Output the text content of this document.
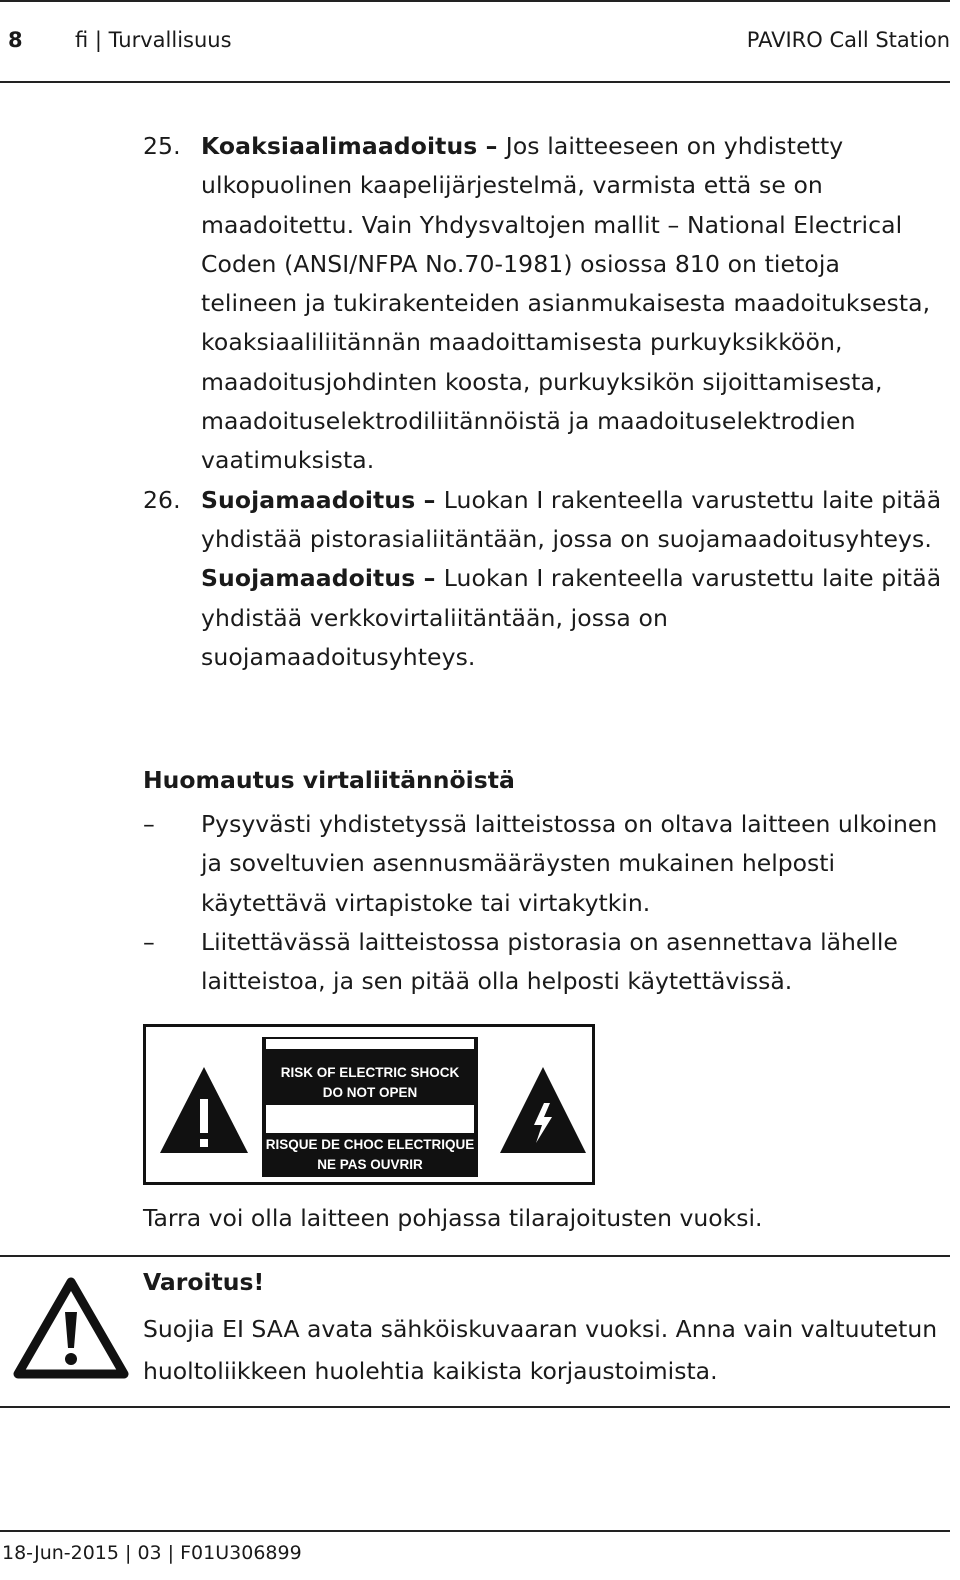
8 fi | Turvallisuus	PAVIRO Call Station
25. Koaksiaalimaadoitus – Jos laitteeseen on yhdistetty ulkopuolinen kaapelijärjestelmä, varmista että se on maadoitettu. Vain Yhdysvaltojen mallit – National Electrical Coden (ANSI/NFPA No.70-1981) osiossa 810 on tietoja telineen ja tukirakenteiden asianmukaisesta maadoituksesta, koaksiaaliliitännän maadoittamisesta purkuyksikköön, maadoitusjohdinten koosta, purkuyksikön sijoittamisesta, maadoituselektrodiliitännöistä ja maadoituselektrodien vaatimuksista.
26. Suojamaadoitus – Luokan I rakenteella varustettu laite pitää yhdistää pistorasialiitäntään, jossa on suojamaadoitusyhteys.
Suojamaadoitus – Luokan I rakenteella varustettu laite pitää yhdistää verkkovirtaliitäntään, jossa on suojamaadoitusyhteys.
Huomautus virtaliitännöistä
– Pysyvästi yhdistetyssä laitteistossa on oltava laitteen ulkoinen ja soveltuvien asennusmääräysten mukainen helposti käytettävä virtapistoke tai virtakytkin.
– Liitettävässä laitteistossa pistorasia on asennettava lähelle laitteistoa, ja sen pitää olla helposti käytettävissä.
RISK OF ELECTRIC SHOCK
DO NOT OPEN
RISQUE DE CHOC ELECTRIQUE
NE PAS OUVRIR
Tarra voi olla laitteen pohjassa tilarajoitusten vuoksi.
Varoitus!
Suojia EI SAA avata sähköiskuvaaran vuoksi. Anna vain valtuutetun huoltoliikkeen huolehtia kaikista korjaustoimista.
18-Jun-2015 | 03 | F01U306899
